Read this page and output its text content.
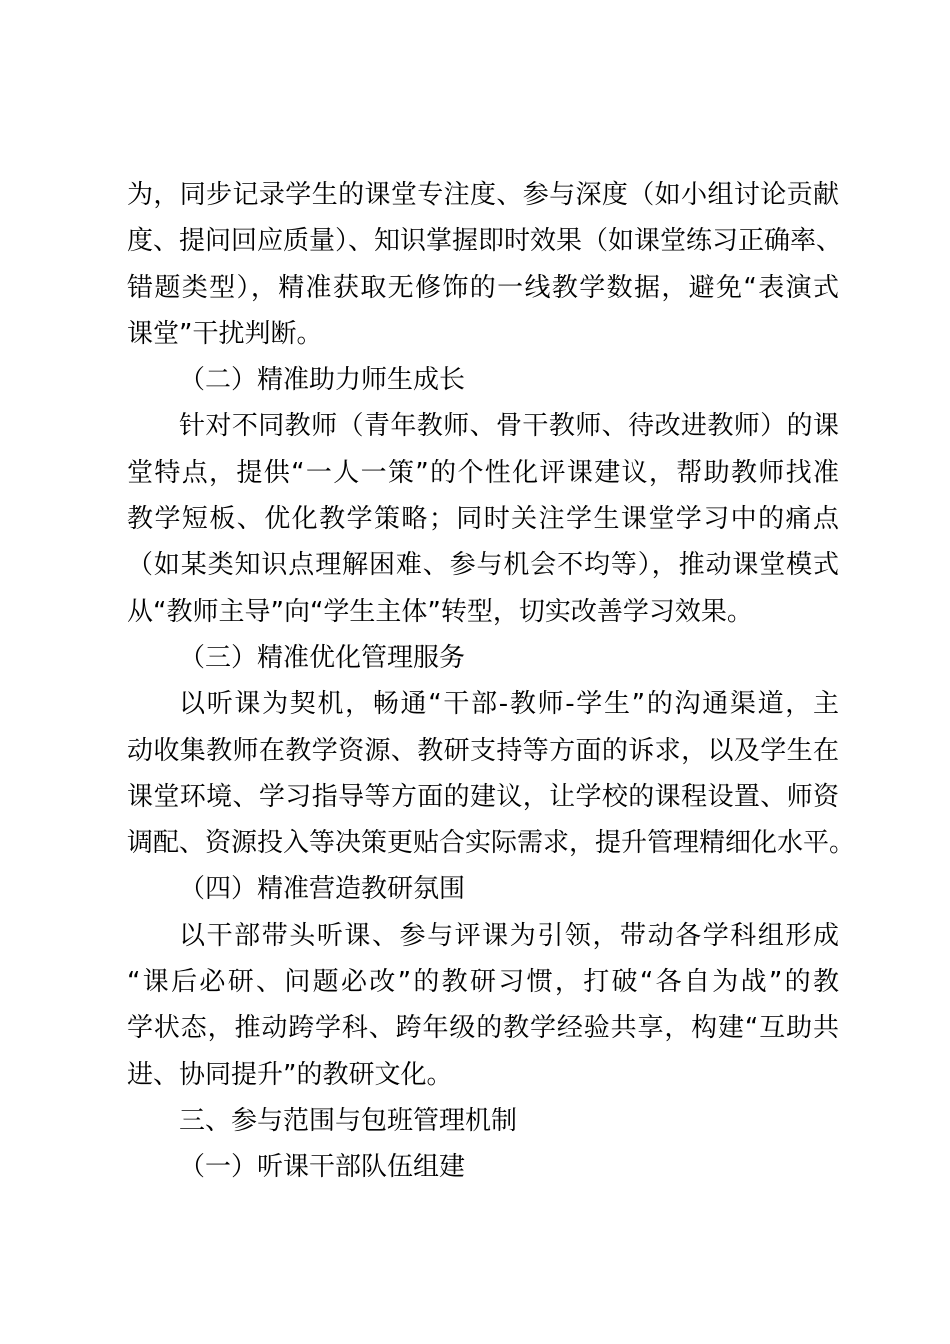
为，同步记录学生的课堂专注度、参与深度（如小组讨论贡献
度、提问回应质量）、知识掌握即时效果（如课堂练习正确率、
错题类型），精准获取无修饰的一线教学数据，避免“表演式
课堂”干扰判断。
（二）精准助力师生成长
针对不同教师（青年教师、骨干教师、待改进教师）的课
堂特点，提供“一人一策”的个性化评课建议，帮助教师找准
教学短板、优化教学策略；同时关注学生课堂学习中的痛点
（如某类知识点理解困难、参与机会不均等），推动课堂模式
从“教师主导”向“学生主体”转型，切实改善学习效果。
（三）精准优化管理服务
以听课为契机，畅通“干部-教师-学生”的沟通渠道，主
动收集教师在教学资源、教研支持等方面的诉求，以及学生在
课堂环境、学习指导等方面的建议，让学校的课程设置、师资
调配、资源投入等决策更贴合实际需求，提升管理精细化水平。
（四）精准营造教研氛围
以干部带头听课、参与评课为引领，带动各学科组形成
“课后必研、问题必改”的教研习惯，打破“各自为战”的教
学状态，推动跨学科、跨年级的教学经验共享，构建“互助共
进、协同提升”的教研文化。
三、参与范围与包班管理机制
（一）听课干部队伍组建
